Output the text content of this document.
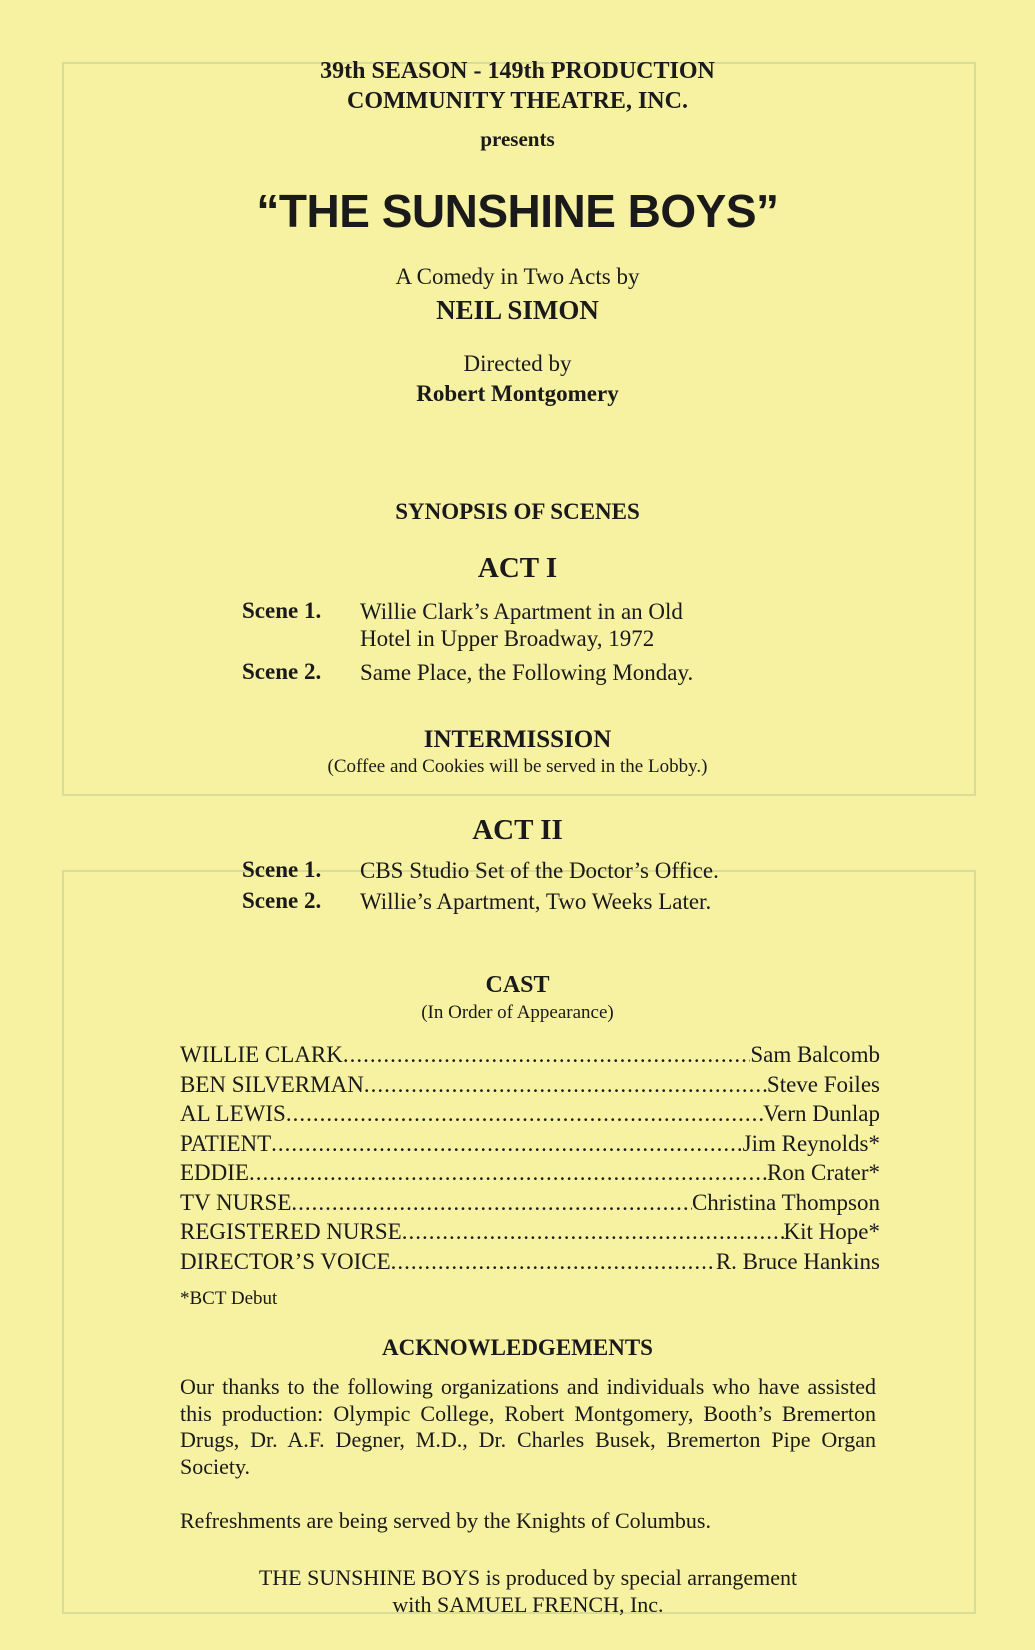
39th SEASON - 149th PRODUCTION
COMMUNITY THEATRE, INC.
presents
“THE SUNSHINE BOYS”
A Comedy in Two Acts by
NEIL SIMON
Directed by
Robert Montgomery
SYNOPSIS OF SCENES
ACT I
Scene 1.	Willie Clark’s Apartment in an Old
Hotel in Upper Broadway, 1972
Scene 2.	Same Place, the Following Monday.
INTERMISSION
(Coffee and Cookies will be served in the Lobby.)
ACT II
Scene 1.	CBS Studio Set of the Doctor’s Office.
Scene 2.	Willie’s Apartment, Two Weeks Later.
CAST
(In Order of Appearance)
WILLIE CLARK .....	Sam Balcomb
BEN SILVERMAN .....	Steve Foiles
AL LEWIS .....	Vern Dunlap
PATIENT .....	Jim Reynolds*
EDDIE .....	Ron Crater*
TV NURSE .....	Christina Thompson
REGISTERED NURSE .....	Kit Hope*
DIRECTOR’S VOICE .....	R. Bruce Hankins
*BCT Debut
ACKNOWLEDGEMENTS
Our thanks to the following organizations and individuals who have assisted this production: Olympic College, Robert Montgomery, Booth’s Bremerton Drugs, Dr. A.F. Degner, M.D., Dr. Charles Busek, Bremerton Pipe Organ Society.
Refreshments are being served by the Knights of Columbus.
THE SUNSHINE BOYS is produced by special arrangement
with SAMUEL FRENCH, Inc.
